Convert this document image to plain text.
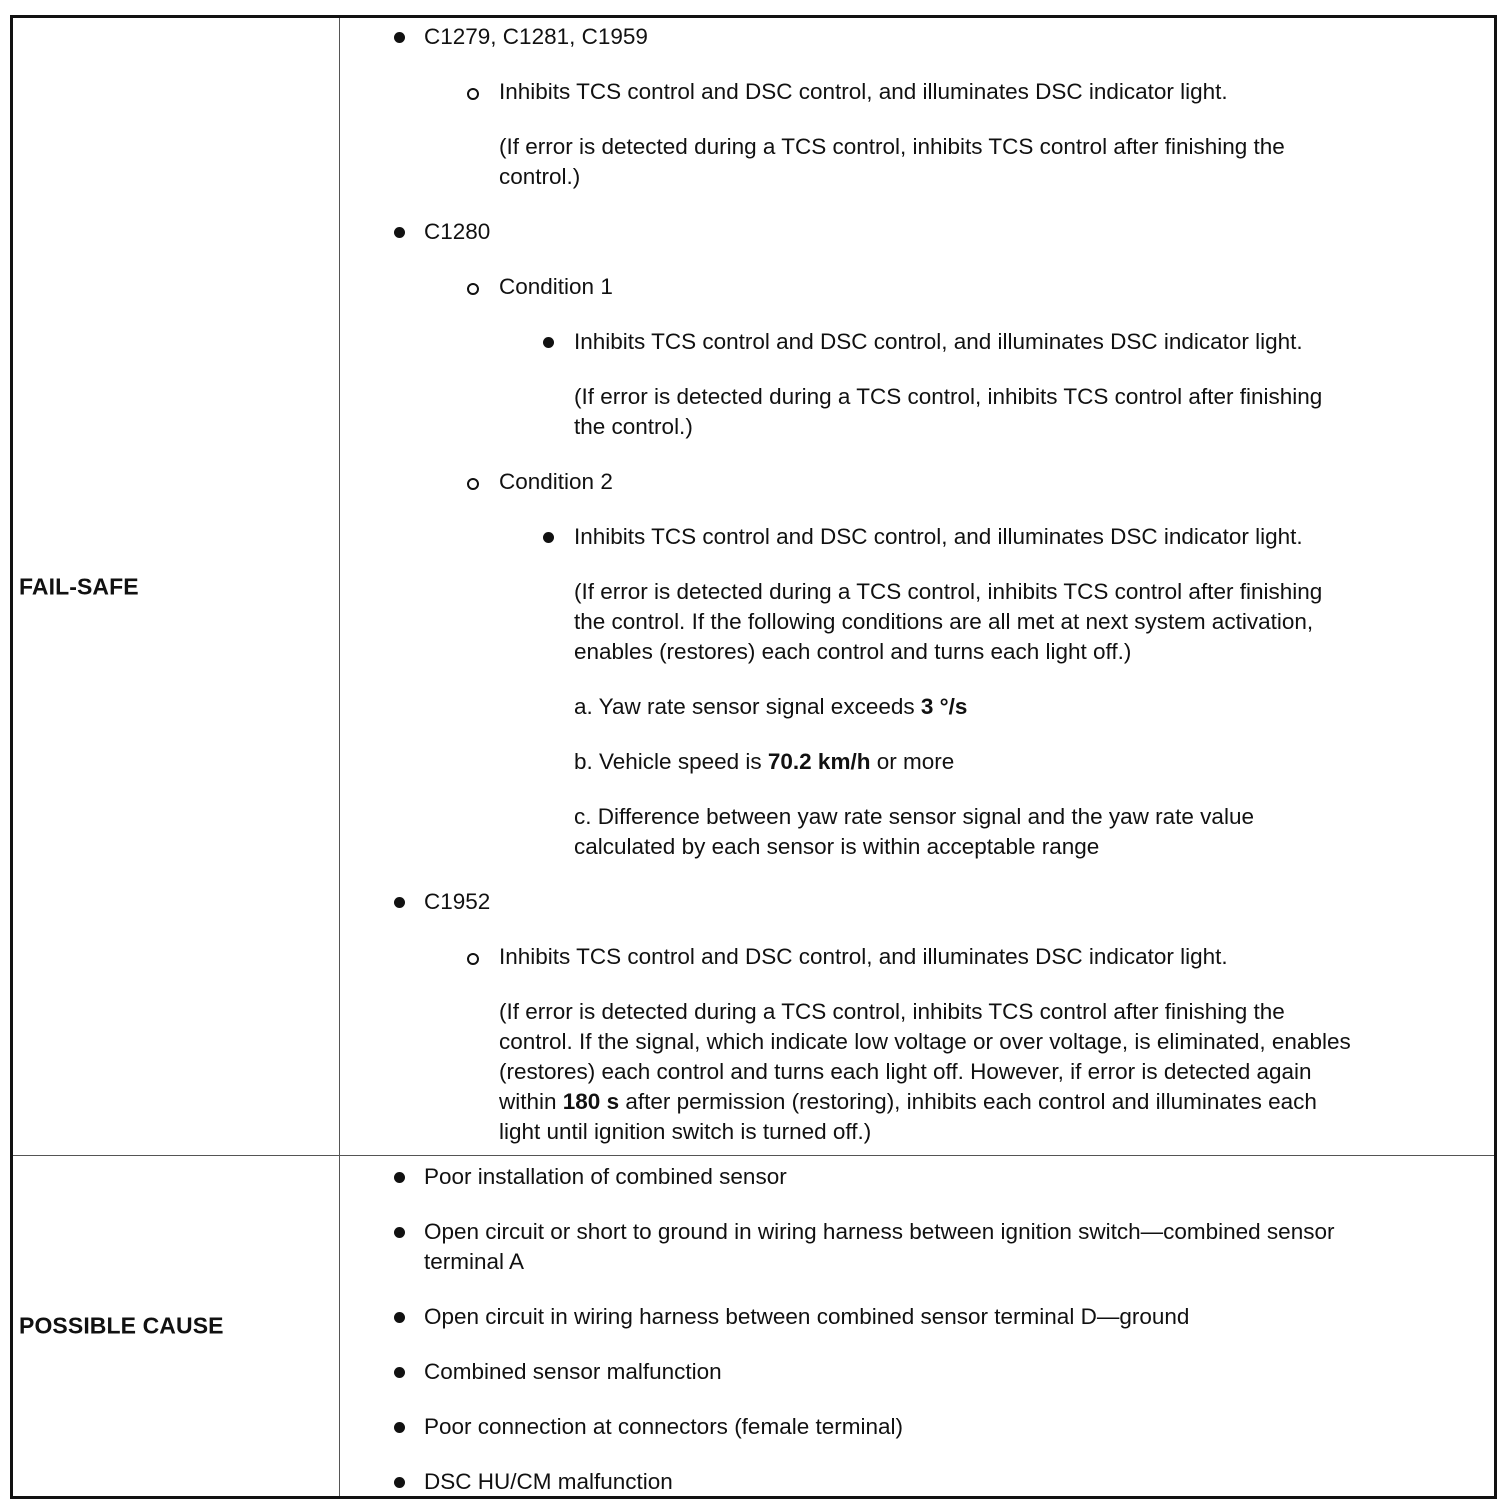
FAIL-SAFE
C1279, C1281, C1959
Inhibits TCS control and DSC control, and illuminates DSC indicator light.
(If error is detected during a TCS control, inhibits TCS control after finishing the
control.)
C1280
Condition 1
Inhibits TCS control and DSC control, and illuminates DSC indicator light.
(If error is detected during a TCS control, inhibits TCS control after finishing
the control.)
Condition 2
Inhibits TCS control and DSC control, and illuminates DSC indicator light.
(If error is detected during a TCS control, inhibits TCS control after finishing
the control. If the following conditions are all met at next system activation,
enables (restores) each control and turns each light off.)
a. Yaw rate sensor signal exceeds 3 °/s
b. Vehicle speed is 70.2 km/h or more
c. Difference between yaw rate sensor signal and the yaw rate value
calculated by each sensor is within acceptable range
C1952
Inhibits TCS control and DSC control, and illuminates DSC indicator light.
(If error is detected during a TCS control, inhibits TCS control after finishing the
control. If the signal, which indicate low voltage or over voltage, is eliminated, enables
(restores) each control and turns each light off. However, if error is detected again
within 180 s after permission (restoring), inhibits each control and illuminates each
light until ignition switch is turned off.)
POSSIBLE CAUSE
Poor installation of combined sensor
Open circuit or short to ground in wiring harness between ignition switch—combined sensor
terminal A
Open circuit in wiring harness between combined sensor terminal D—ground
Combined sensor malfunction
Poor connection at connectors (female terminal)
DSC HU/CM malfunction
